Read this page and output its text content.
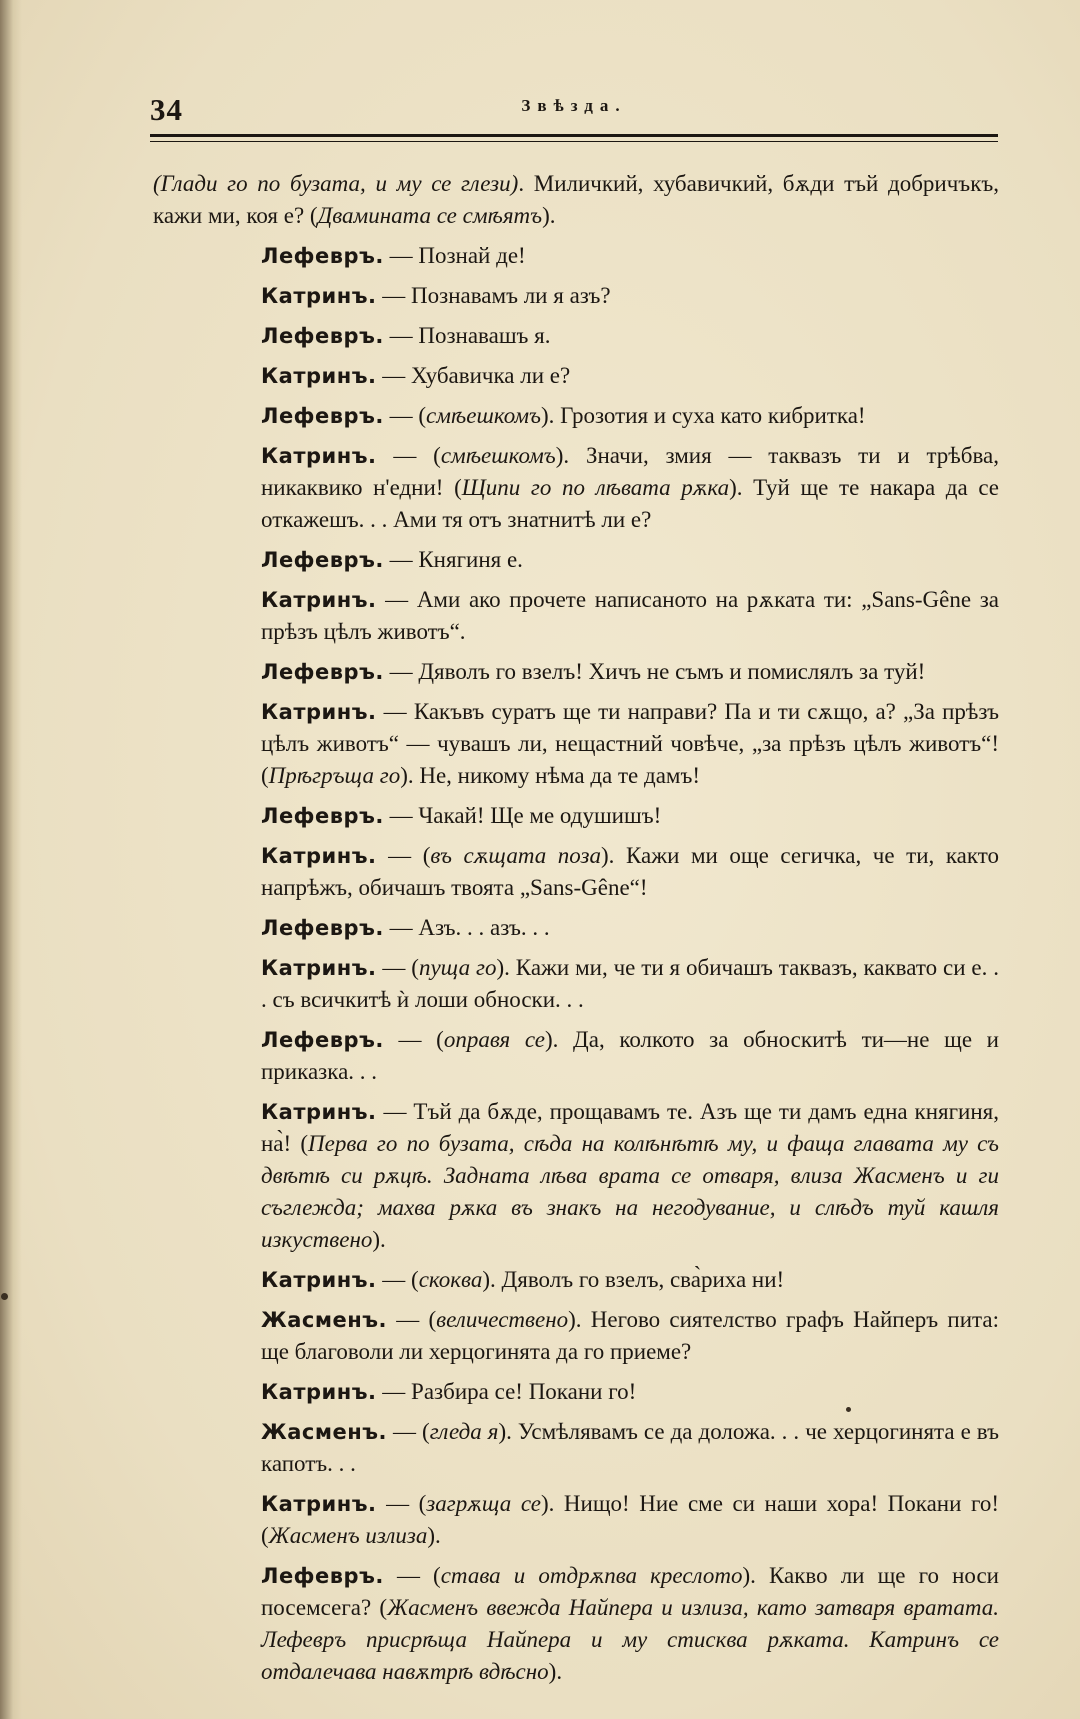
34	Звѣзда.

(Глади го по бузата, и му се глези). Миличкий, хубавичкий, бѫди тъй добричъкъ, кажи ми, коя е? (Двамината се смѣятъ).

Лефевръ. — Познай де!

Катринъ. — Познавамъ ли я азъ?

Лефевръ. — Познавашъ я.

Катринъ. — Хубавичка ли е?

Лефевръ. — (смѣешкомъ). Грозотия и суха като кибритка!

Катринъ. — (смѣешкомъ). Значи, змия — таквазъ ти и трѣбва, никаквико н'едни! (Щипи го по лѣвата рѫка). Туй ще те накара да се откажешъ. . . Ами тя отъ знатнитѣ ли е?

Лефевръ. — Княгиня е.

Катринъ. — Ами ако прочете написаното на рѫката ти: „Sans-Gêne за прѣзъ цѣлъ животъ“.

Лефевръ. — Дяволъ го взелъ! Хичъ не съмъ и помислялъ за туй!

Катринъ. — Какъвъ суратъ ще ти направи? Па и ти сѫщо, а? „За прѣзъ цѣлъ животъ“ — чувашъ ли, нещастний човѣче, „за прѣзъ цѣлъ животъ“! (Прѣгръща го). Не, никому нѣма да те дамъ!

Лефевръ. — Чакай! Ще ме одушишъ!

Катринъ. — (въ сѫщата поза). Кажи ми още сегичка, че ти, както напрѣжъ, обичашъ твоята „Sans-Gêne“!

Лефевръ. — Азъ. . . азъ. . .

Катринъ. — (пуща го). Кажи ми, че ти я обичашъ таквазъ, каквато си е. . . съ всичкитѣ ѝ лоши обноски. . .

Лефевръ. — (оправя се). Да, колкото за обноскитѣ ти—не ще и приказка. . .

Катринъ. — Тъй да бѫде, прощавамъ те. Азъ ще ти дамъ една княгиня, на̀! (Перва го по бузата, сѣда на колѣнѣтѣ му, и фаща главата му съ двѣтѣ си рѫцѣ. Задната лѣва врата се отваря, влиза Жасменъ и ги съглежда; махва рѫка въ знакъ на негодувание, и слѣдъ туй кашля изкуствено).

Катринъ. — (скоква). Дяволъ го взелъ, сва̀риха ни!

Жасменъ. — (величествено). Негово сиятелство графъ Найперъ пита: ще благоволи ли херцогинята да го приеме?

Катринъ. — Разбира се! Покани го!

Жасменъ. — (гледа я). Усмѣлявамъ се да доложа. . . че херцогинята е въ капотъ. . .

Катринъ. — (загрѫща се). Нищо! Ние сме си наши хора! Покани го! (Жасменъ излиза).

Лефевръ. — (става и отдрѫпва креслото). Какво ли ще го носи посемсега? (Жасменъ ввежда Найпера и излиза, като затваря вратата. Лефевръ присрѣща Найпера и му стисква рѫката. Катринъ се отдалечава навѫтрѣ вдѣсно).
